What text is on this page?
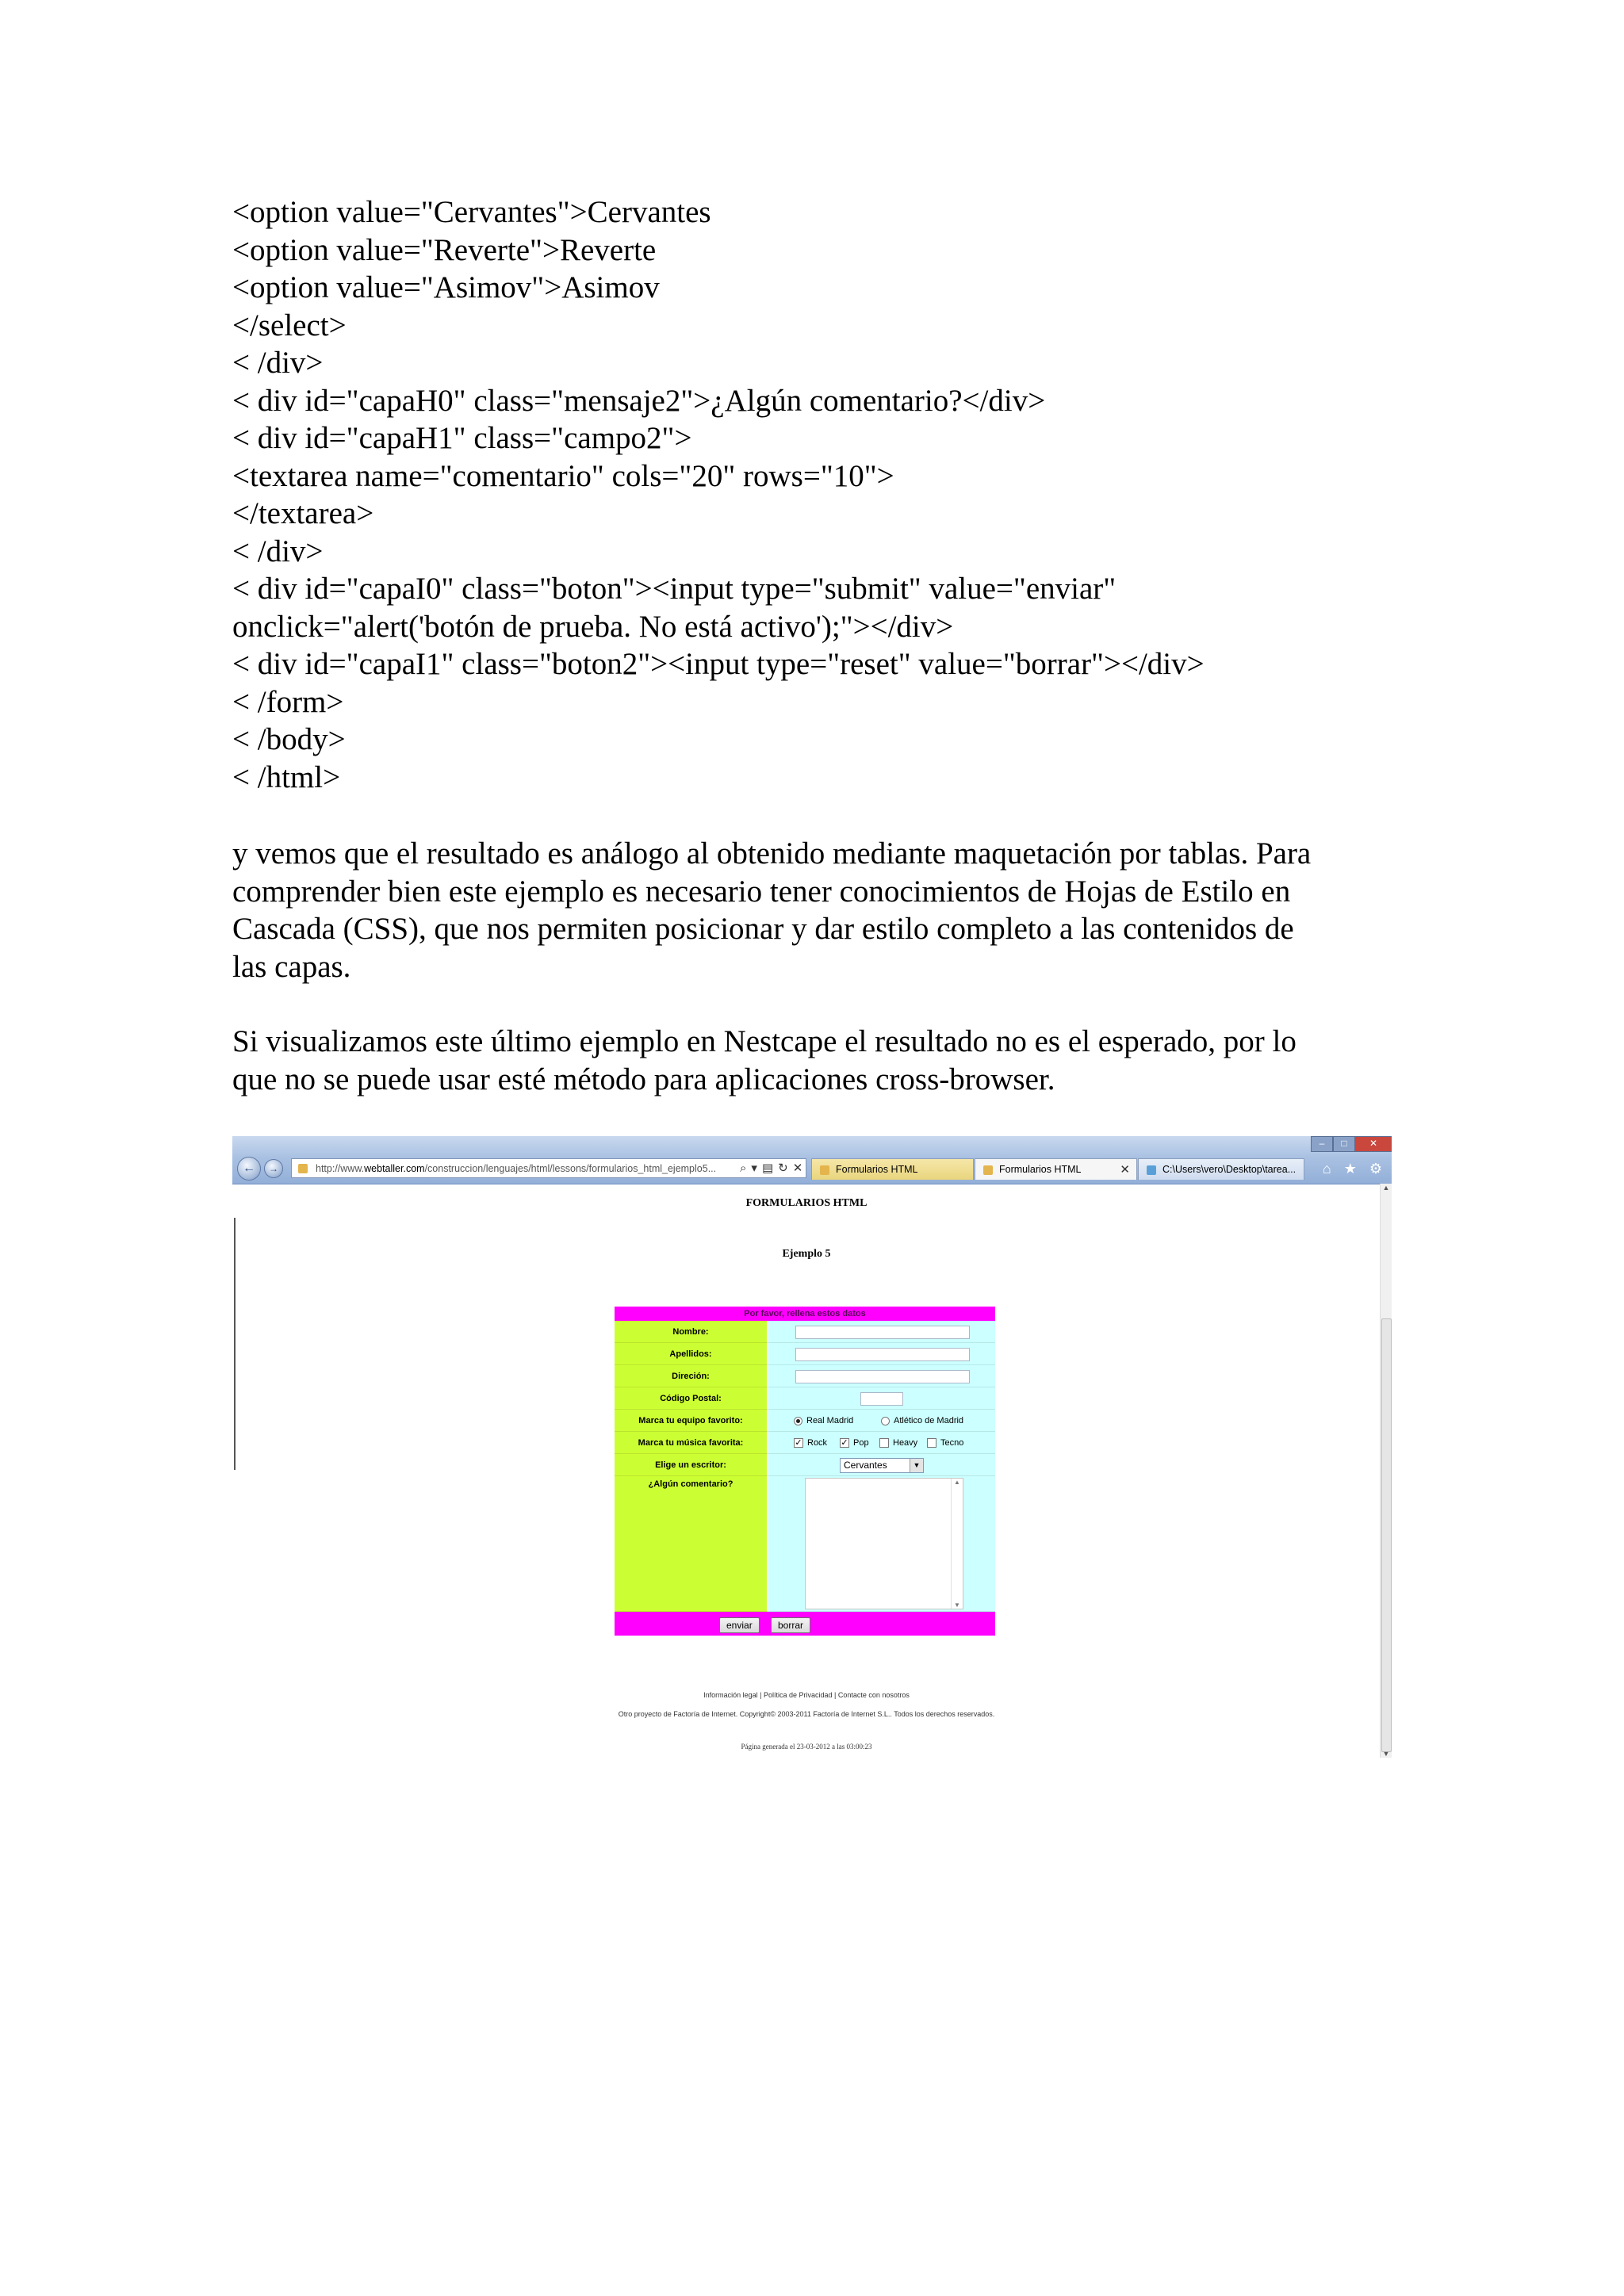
<option value="Cervantes">Cervantes
<option value="Reverte">Reverte
<option value="Asimov">Asimov
</select>
< /div>
< div id="capaH0" class="mensaje2">¿Algún comentario?</div>
< div id="capaH1" class="campo2">
<textarea name="comentario" cols="20" rows="10">
</textarea>
< /div>
< div id="capaI0" class="boton"><input type="submit" value="enviar"
onclick="alert('botón de prueba. No está activo');"></div>
< div id="capaI1" class="boton2"><input type="reset" value="borrar"></div>
< /form>
< /body>
< /html>
y vemos que el resultado es análogo al obtenido mediante maquetación por tablas. Para
comprender bien este ejemplo es necesario tener conocimientos de Hojas de Estilo en
Cascada (CSS), que nos permiten posicionar y dar estilo completo a las contenidos de
las capas.
Si visualizamos este último ejemplo en Nestcape el resultado no es el esperado, por lo
que no se puede usar esté método para aplicaciones cross-browser.
–	□	✕
←	→	http://www.webtaller.com/construccion/lenguajes/html/lessons/formularios_html_ejemplo5...	⌕▾▤↻✕	Formularios HTML	Formularios HTML	✕	C:\Users\vero\Desktop\tarea...	⌂ ★ ⚙
FORMULARIOS HTML
Ejemplo 5
Por favor, rellena estos datos
Nombre:
Apellidos:
Direción:
Código Postal:
Marca tu equipo favorito:	Real Madrid	Atlético de Madrid
Marca tu música favorita:	✓ Rock ✓ Pop	Heavy	Tecno
Elige un escritor:	Cervantes	▼
¿Algún comentario?	▲
▼
enviar	borrar
Información legal | Política de Privacidad | Contacte con nosotros
Otro proyecto de Factoría de Internet. Copyright© 2003-2011 Factoría de Internet S.L.. Todos los derechos reservados.
Página generada el 23-03-2012 a las 03:00:23
▲
▼
